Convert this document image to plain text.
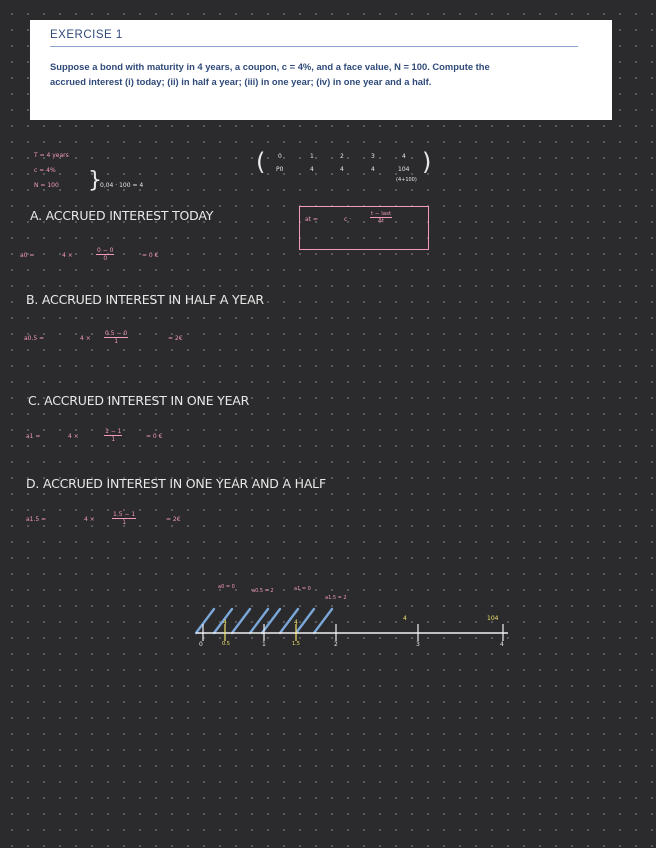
EXERCISE 1

Suppose a bond with maturity in 4 years, a coupon, c = 4%, and a face value, N = 100. Compute the
accrued interest (i) today; (ii) in half a year; (iii) in one year; (iv) in one year and a half.

T = 4 years
c = 4%
N = 100 }
0,04 · 100 = 4
(	)
0	1	2	3	4
P0	4	4	4	104
(4+100)
at =	c ·
t − last
Δt
A. ACCRUED INTEREST TODAY
a0 =	4 ×	$\frac{0 - 0}{0}$	= 0 €
B. ACCRUED INTEREST IN HALF A YEAR
a0.5 =	$4 \times \frac{0.5 - 0}{1}$	= 2€
C. ACCRUED INTEREST IN ONE YEAR
a1 =	4 ×	$\frac{1 - 1}{1}$	= 0 €
D. ACCRUED INTEREST IN ONE YEAR AND A HALF
a1.5 =	4 ×	$\frac{1.5 - 1}{1}$	= 2€
a0 = 0
a0.5 = 2	a1 = 0
a1.5 = 2
4	4
4	104
0	0.5	1	1.5	2	3	4
